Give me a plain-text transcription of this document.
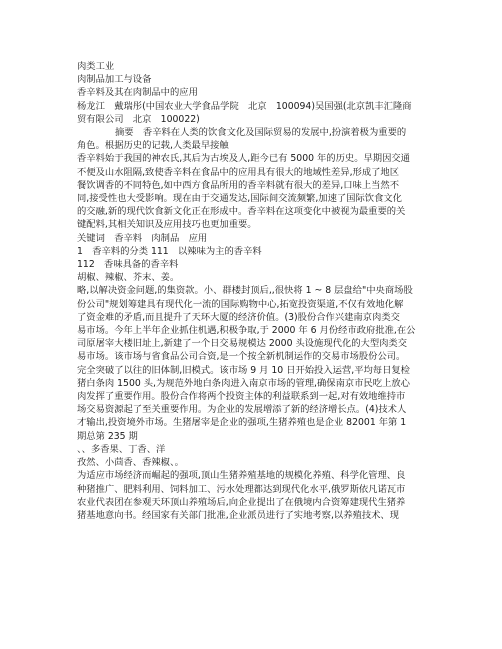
肉类工业

肉制品加工与设备

香辛料及其在肉制品中的应用

杨龙江　戴瑞彤(中国农业大学食品学院　北京　100094)吴国强(北京凯丰汇隆商

贸有限公司　北京　100022)

摘要　香辛料在人类的饮食文化及国际贸易的发展中,扮演着极为重要的

角色。根据历史的记载,人类最早接触

香辛料始于我国的神农氏,其后为古埃及人,距今已有 5000 年的历史。早期因交通

不便及山水阻隔,致使香辛料在食品中的应用具有很大的地域性差异,形成了地区

餐饮调香的不同特色,如中西方食品所用的香辛料就有很大的差异,口味上当然不

同,接受性也大受影响。现在由于交通发达,国际间交流频繁,加速了国际饮食文化

的交融,新的现代饮食新文化正在形成中。香辛料在这项变化中被视为最重要的关

键配料,其相关知识及应用技巧也更加重要。

关键词　香辛料　肉制品　应用

1　香辛料的分类 111　以辣味为主的香辛料

112　香味具备的香辛料

胡椒、辣椒、芥末、姜。

略,以解决资金问题,的集资款。小、群楼封顶后,,很快将 1 ~ 8 层盘给"中央商场股

份公司"规划筹建具有现代化一流的国际购物中心,拓宽投资渠道,不仅有效地化解

了资金难的矛盾,而且提升了天环大厦的经济价值。(3)股份合作兴建南京肉类交

易市场。今年上半年企业抓住机遇,积极争取,于 2000 年 6 月份经市政府批准,在公

司原屠宰大楼旧址上,新建了一个日交易规模达 2000 头设施现代化的大型肉类交

易市场。该市场与省食品公司合资,是一个按全新机制运作的交易市场股份公司。

完全突破了以往的旧体制,旧模式。该市场 9 月 10 日开始投入运营,平均每日复检

猪白条肉 1500 头,为规范外地白条肉进入南京市场的管理,确保南京市民吃上放心

肉发挥了重要作用。股份合作将两个投资主体的利益联系到一起,对有效地维持市

场交易资源起了至关重要作用。为企业的发展增添了新的经济增长点。(4)技术人

才输出,投资境外市场。生猪屠宰是企业的强项,生猪养殖也是企业 82001 年第 1

期总第 235 期

、、多香果、丁香、洋

孜然、小茴香、香辣椒、。

为适应市场经济而崛起的强项,顶山生猪养殖基地的规模化养殖、科学化管理、良

种猪推广、肥料利用、饲料加工、污水处理都达到现代化水平,俄罗斯依凡诺瓦市

农业代表团在参观天环顶山养殖场后,向企业提出了在俄境内合资筹建现代生猪养

猪基地意向书。经国家有关部门批准,企业派员进行了实地考察,以养殖技术、现
